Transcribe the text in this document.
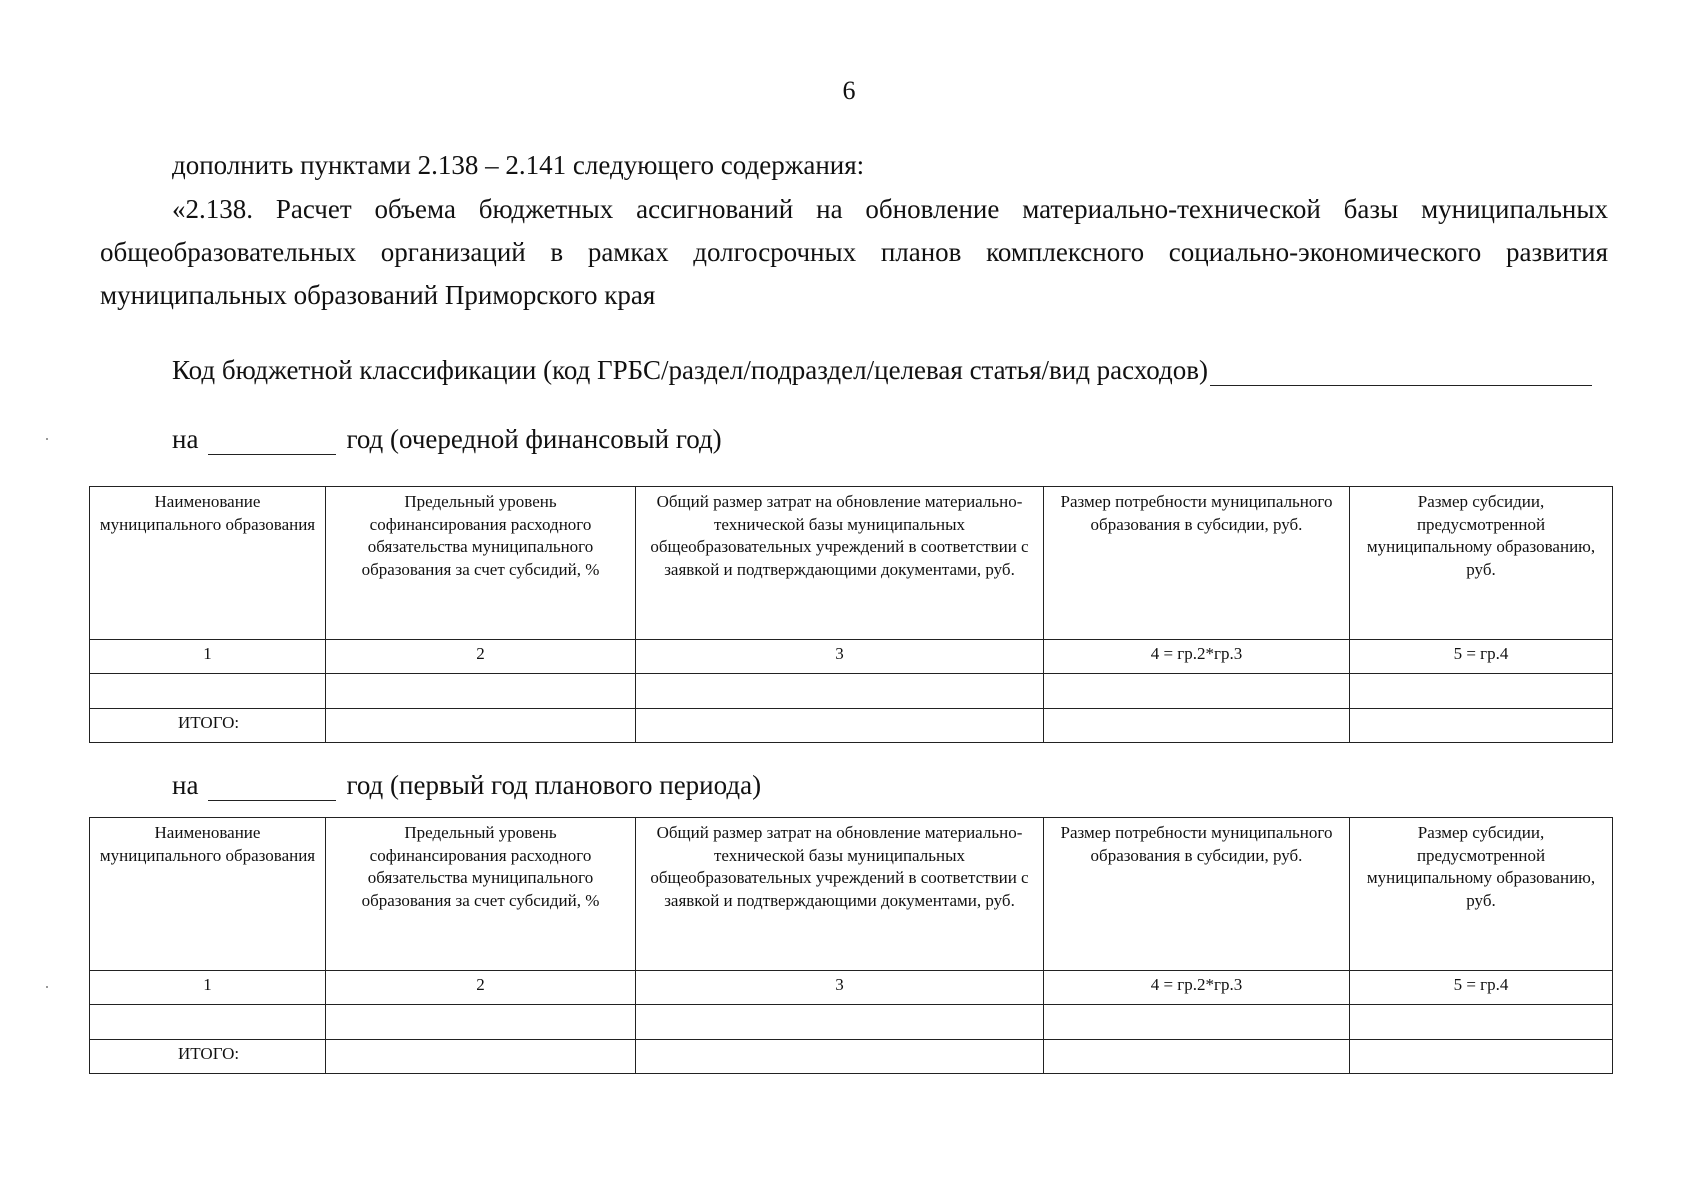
6
дополнить пунктами 2.138 – 2.141 следующего содержания:
«2.138. Расчет объема бюджетных ассигнований на обновление материально-технической базы муниципальных общеобразовательных организаций в рамках долгосрочных планов комплексного социально-экономического развития муниципальных образований Приморского края
Код бюджетной классификации (код ГРБС/раздел/подраздел/целевая статья/вид расходов)
на	год (очередной финансовый год)
Наименование муниципального образования	Предельный уровень софинансирования расходного обязательства муниципального образования за счет субсидий, %	Общий размер затрат на обновление материально-технической базы муниципальных общеобразовательных учреждений в соответствии с заявкой и подтверждающими документами, руб.	Размер потребности муниципального образования в субсидии, руб.	Размер субсидии, предусмотренной муниципальному образованию, руб.
1	2	3	4 = гр.2*гр.3	5 = гр.4

ИТОГО:				
на	год (первый год планового периода)
Наименование муниципального образования	Предельный уровень софинансирования расходного обязательства муниципального образования за счет субсидий, %	Общий размер затрат на обновление материально-технической базы муниципальных общеобразовательных учреждений в соответствии с заявкой и подтверждающими документами, руб.	Размер потребности муниципального образования в субсидии, руб.	Размер субсидии, предусмотренной муниципальному образованию, руб.
1	2	3	4 = гр.2*гр.3	5 = гр.4

ИТОГО:				
